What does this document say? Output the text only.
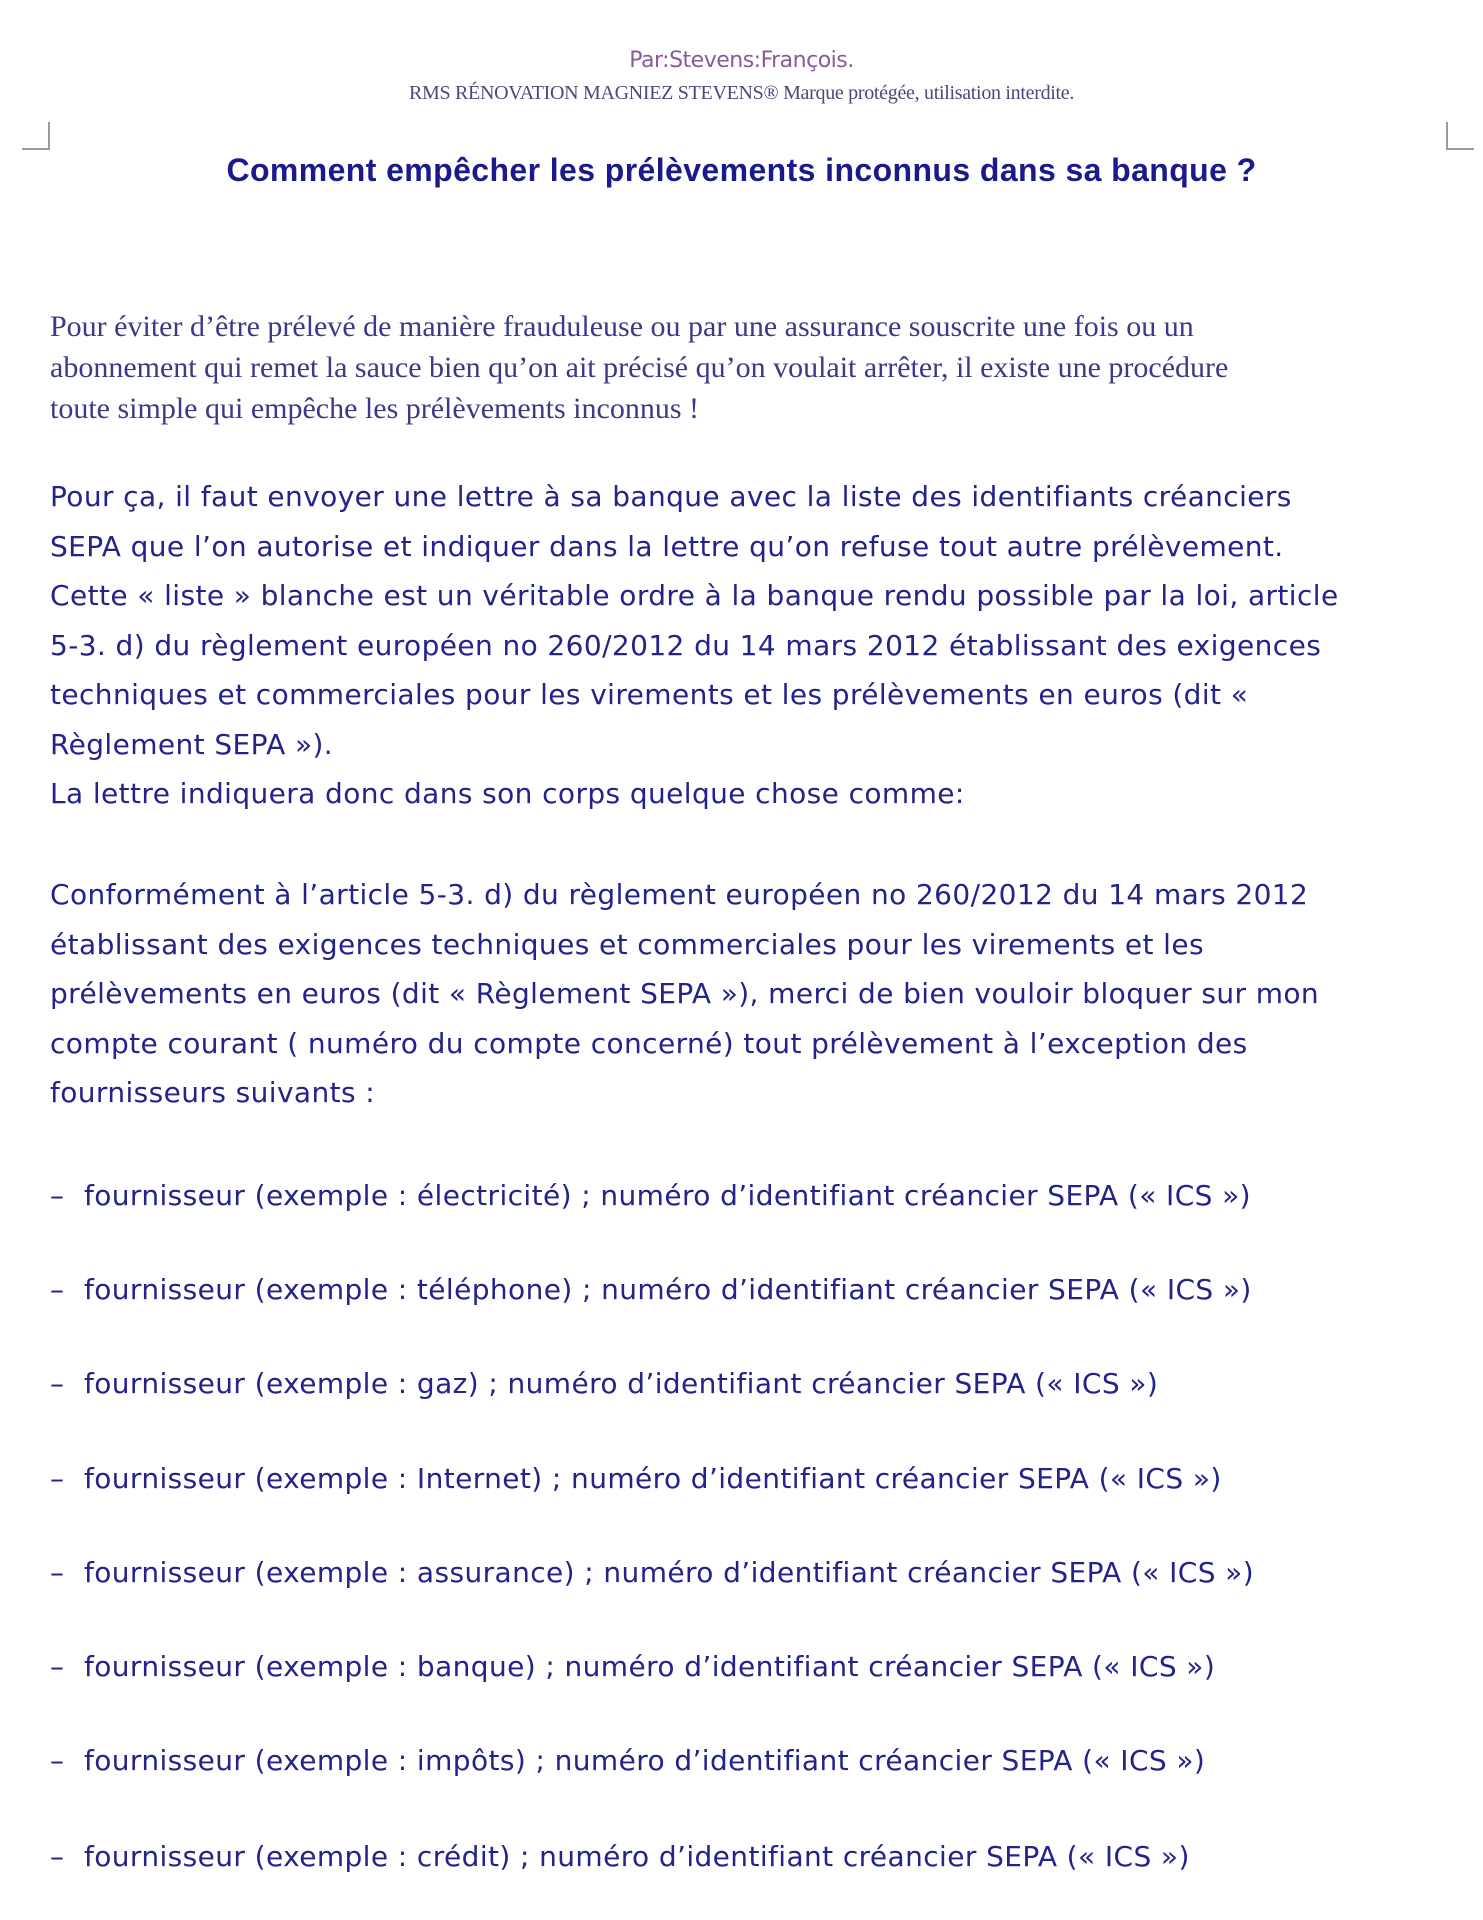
Par:Stevens:François.
RMS RÉNOVATION MAGNIEZ STEVENS® Marque protégée, utilisation interdite.
Comment empêcher les prélèvements inconnus dans sa banque ?
Pour éviter d’être prélevé de manière frauduleuse ou par une assurance souscrite une fois ou un
abonnement qui remet la sauce bien qu’on ait précisé qu’on voulait arrêter, il existe une procédure
toute simple qui empêche les prélèvements inconnus !
Pour ça, il faut envoyer une lettre à sa banque avec la liste des identifiants créanciers
SEPA que l’on autorise et indiquer dans la lettre qu’on refuse tout autre prélèvement.
Cette « liste » blanche est un véritable ordre à la banque rendu possible par la loi, article
5-3. d) du règlement européen no 260/2012 du 14 mars 2012 établissant des exigences
techniques et commerciales pour les virements et les prélèvements en euros (dit «
Règlement SEPA »).
La lettre indiquera donc dans son corps quelque chose comme:
Conformément à l’article 5-3. d) du règlement européen no 260/2012 du 14 mars 2012
établissant des exigences techniques et commerciales pour les virements et les
prélèvements en euros (dit « Règlement SEPA »), merci de bien vouloir bloquer sur mon
compte courant ( numéro du compte concerné) tout prélèvement à l’exception des
fournisseurs suivants :
– fournisseur (exemple : électricité) ; numéro d’identifiant créancier SEPA (« ICS »)
– fournisseur (exemple : téléphone) ; numéro d’identifiant créancier SEPA (« ICS »)
– fournisseur (exemple : gaz) ; numéro d’identifiant créancier SEPA (« ICS »)
– fournisseur (exemple : Internet) ; numéro d’identifiant créancier SEPA (« ICS »)
– fournisseur (exemple : assurance) ; numéro d’identifiant créancier SEPA (« ICS »)
– fournisseur (exemple : banque) ; numéro d’identifiant créancier SEPA (« ICS »)
– fournisseur (exemple : impôts) ; numéro d’identifiant créancier SEPA (« ICS »)
– fournisseur (exemple : crédit) ; numéro d’identifiant créancier SEPA (« ICS »)
